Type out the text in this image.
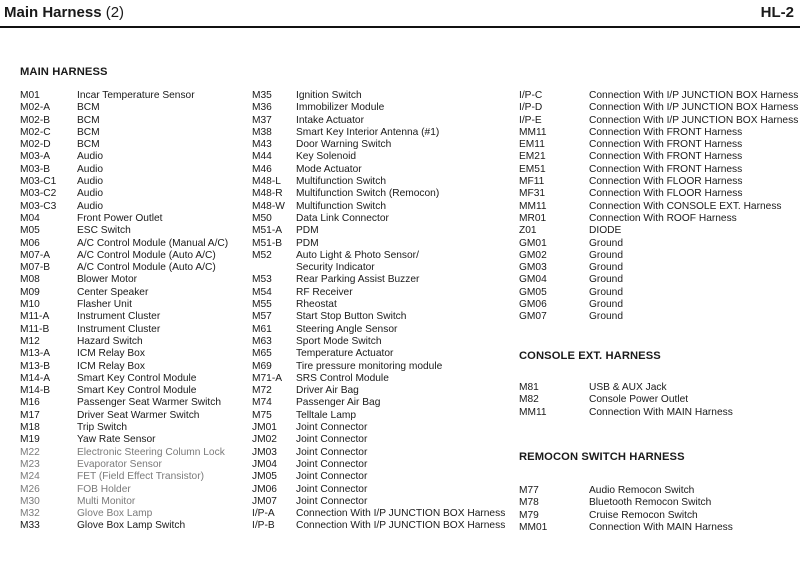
Main Harness (2)	HL-2
MAIN HARNESS
M01	Incar Temperature Sensor
M02-A	BCM
M02-B	BCM
M02-C	BCM
M02-D	BCM
M03-A	Audio
M03-B	Audio
M03-C1 Audio
M03-C2 Audio
M03-C3 Audio
M04	Front Power Outlet
M05	ESC Switch
M06	A/C Control Module (Manual A/C)
M07-A	A/C Control Module (Auto A/C)
M07-B	A/C Control Module (Auto A/C)
M08	Blower Motor
M09	Center Speaker
M10	Flasher Unit
M11-A	Instrument Cluster
M11-B	Instrument Cluster
M12	Hazard Switch
M13-A	ICM Relay Box
M13-B	ICM Relay Box
M14-A	Smart Key Control Module
M14-B	Smart Key Control Module
M16	Passenger Seat Warmer Switch
M17	Driver Seat Warmer Switch
M18	Trip Switch
M19	Yaw Rate Sensor
M22	Electronic Steering Column Lock
M23	Evaporator Sensor
M24	FET (Field Effect Transistor)
M26	FOB Holder
M30	Multi Monitor
M32	Glove Box Lamp
M33	Glove Box Lamp Switch
M35 Ignition Switch
M36 Immobilizer Module
M37 Intake Actuator
M38 Smart Key Interior Antenna (#1)
M43 Door Warning Switch
M44 Key Solenoid
M46 Mode Actuator
M48-L Multifunction Switch
M48-R Multifunction Switch (Remocon)
M48-W Multifunction Switch
M50 Data Link Connector
M51-A PDM
M51-B PDM
M52 Auto Light & Photo Sensor/
Security Indicator
M53 Rear Parking Assist Buzzer
M54 RF Receiver
M55 Rheostat
M57 Start Stop Button Switch
M61 Steering Angle Sensor
M63 Sport Mode Switch
M65 Temperature Actuator
M69 Tire pressure monitoring module
M71-A SRS Control Module
M72 Driver Air Bag
M74 Passenger Air Bag
M75 Telltale Lamp
JM01 Joint Connector
JM02 Joint Connector
JM03 Joint Connector
JM04 Joint Connector
JM05 Joint Connector
JM06 Joint Connector
JM07 Joint Connector
I/P-A Connection With I/P JUNCTION BOX Harness
I/P-B Connection With I/P JUNCTION BOX Harness
I/P-C	Connection With I/P JUNCTION BOX Harness
I/P-D	Connection With I/P JUNCTION BOX Harness
I/P-E	Connection With I/P JUNCTION BOX Harness
MM11	Connection With FRONT Harness
EM11	Connection With FRONT Harness
EM21	Connection With FRONT Harness
EM51	Connection With FRONT Harness
MF11	Connection With FLOOR Harness
MF31	Connection With FLOOR Harness
MM11	Connection With CONSOLE EXT. Harness
MR01	Connection With ROOF Harness
Z01	DIODE
GM01	Ground
GM02	Ground
GM03	Ground
GM04	Ground
GM05	Ground
GM06	Ground
GM07	Ground
CONSOLE EXT. HARNESS
M81	USB & AUX Jack
M82	Console Power Outlet
MM11	Connection With MAIN Harness
REMOCON SWITCH HARNESS
M77	Audio Remocon Switch
M78	Bluetooth Remocon Switch
M79	Cruise Remocon Switch
MM01	Connection With MAIN Harness
